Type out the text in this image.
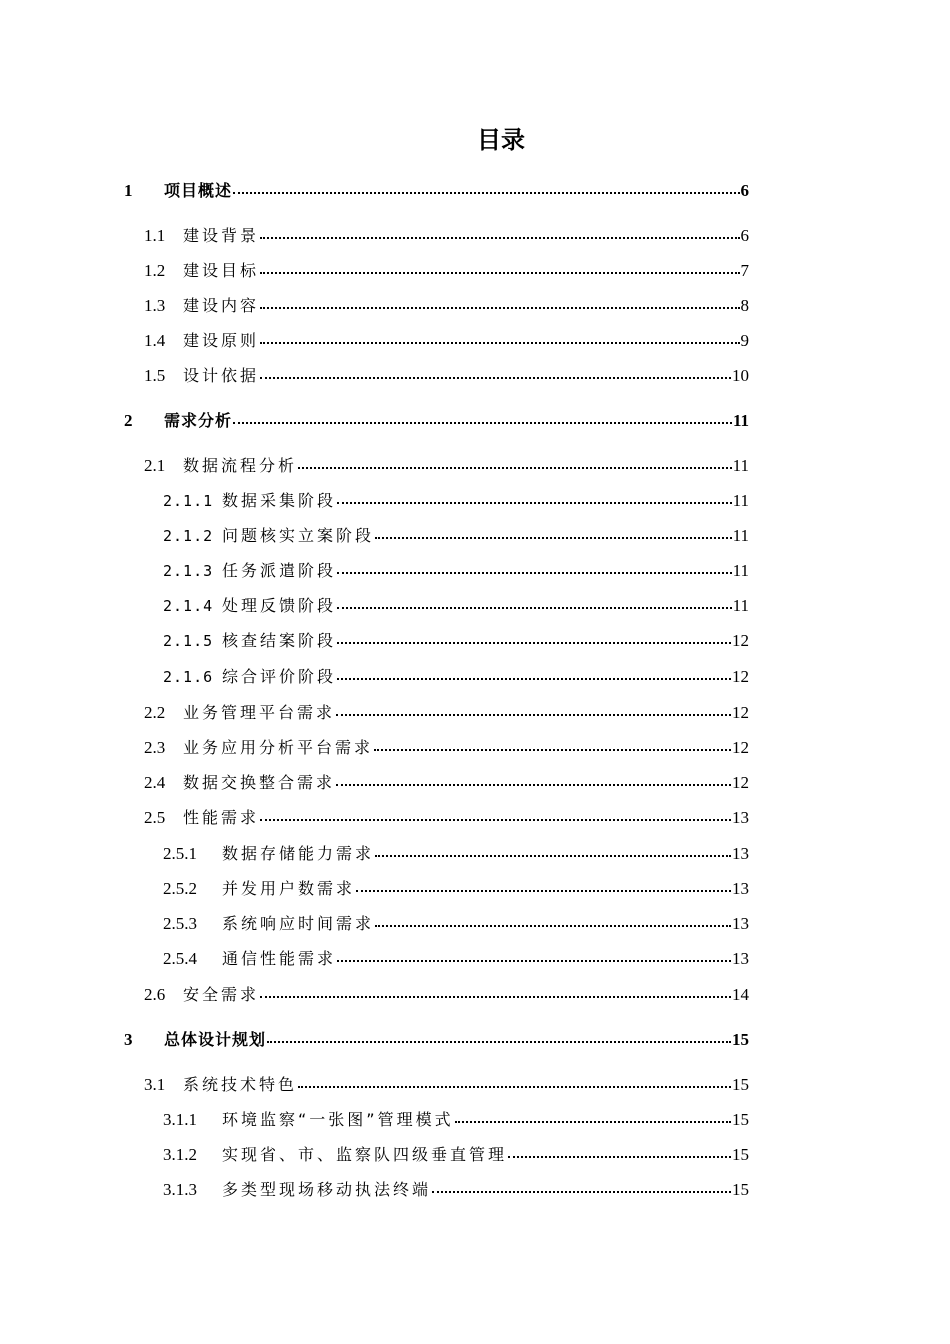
目录
1	项目概述	6
1.1	建设背景	6
1.2	建设目标	7
1.3	建设内容	8
1.4	建设原则	9
1.5	设计依据	10
2	需求分析	11
2.1	数据流程分析	11
2.1.1 数据采集阶段	11
2.1.2 问题核实立案阶段	11
2.1.3 任务派遣阶段	11
2.1.4 处理反馈阶段	11
2.1.5 核查结案阶段	12
2.1.6 综合评价阶段	12
2.2	业务管理平台需求	12
2.3	业务应用分析平台需求	12
2.4	数据交换整合需求	12
2.5	性能需求	13
2.5.1	数据存储能力需求	13
2.5.2	并发用户数需求	13
2.5.3	系统响应时间需求	13
2.5.4	通信性能需求	13
2.6	安全需求	14
3	总体设计规划	15
3.1	系统技术特色	15
3.1.1	环境监察“一张图”管理模式	15
3.1.2	实现省、市、监察队四级垂直管理	15
3.1.3	多类型现场移动执法终端	15
